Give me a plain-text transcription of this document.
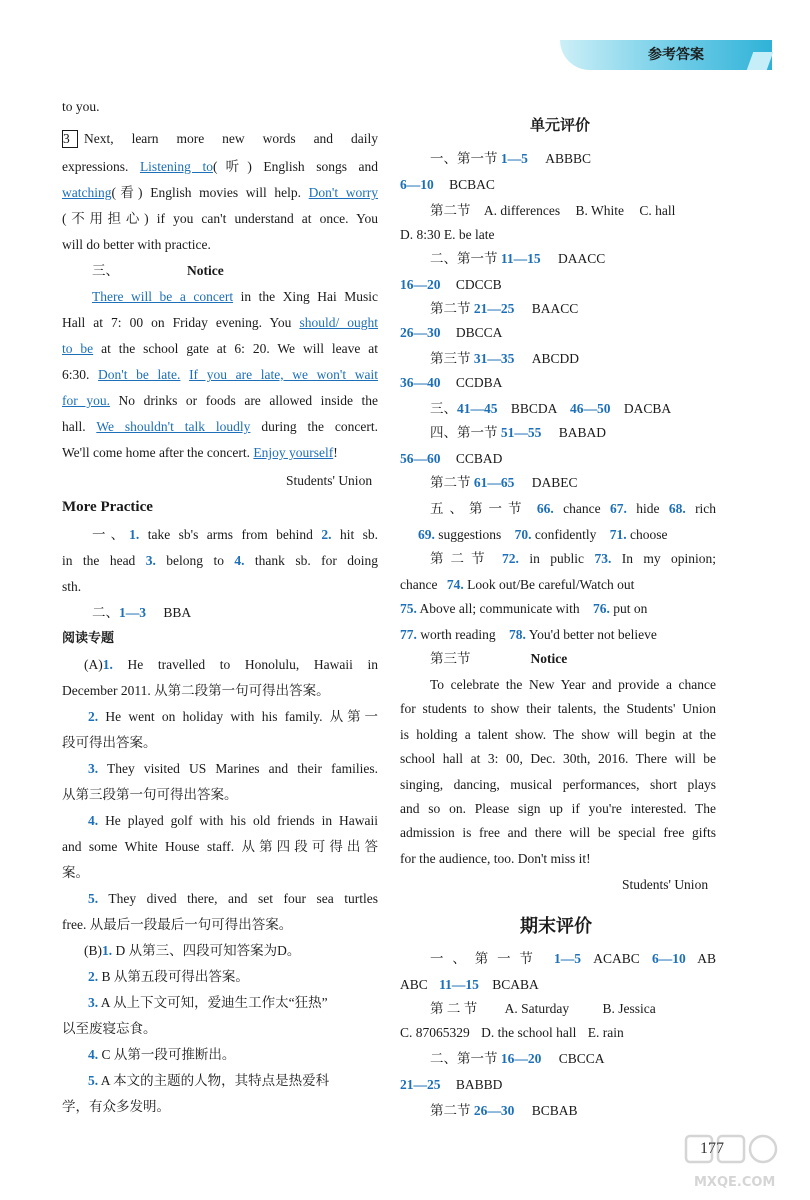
参考答案
to you.
3 Next, learn more new words and daily
expressions. Listening to(听) English songs and
watching(看) English movies will help. Don't worry
(不用担心) if you can't understand at once. You
will do better with practice.
三、	Notice
There will be a concert in the Xing Hai Music
Hall at 7: 00 on Friday evening. You should/ ought
to be at the school gate at 6: 20. We will leave at
6:30. Don't be late. If you are late, we won't wait
for you. No drinks or foods are allowed inside the
hall. We shouldn't talk loudly during the concert.
We'll come home after the concert. Enjoy yourself!
Students' Union
More Practice
一、1. take sb's arms from behind 2. hit sb.
in the head 3. belong to 4. thank sb. for doing
sth.
二、1—3 BBA
阅读专题
(A)1. He travelled to Honolulu, Hawaii in
December 2011. 从第二段第一句可得出答案。
2. He went on holiday with his family. 从第一
段可得出答案。
3. They visited US Marines and their families.
从第三段第一句可得出答案。
4. He played golf with his old friends in Hawaii
and some White House staff. 从第四段可得出答
案。
5. They dived there, and set four sea turtles
free. 从最后一段最后一句可得出答案。
(B)1. D 从第三、四段可知答案为D。
2. B 从第五段可得出答案。
3. A 从上下文可知，爱迪生工作太“狂热”
以至废寝忘食。
4. C 从第一段可推断出。
5. A 本文的主题的人物，其特点是热爱科
学，有众多发明。
单元评价
一、第一节 1—5 ABBBC
6—10 BCBAC
第二节 A. differences B. White C. hall
D. 8:30 E. be late
二、第一节 11—15 DAACC
16—20 CDCCB
第二节 21—25 BAACC
26—30 DBCCA
第三节 31—35 ABCDD
36—40 CCDBA
三、41—45 BBCDA 46—50 DACBA
四、第一节 51—55 BABAD
56—60 CCBAD
第二节 61—65 DABEC
五、第一节 66. chance 67. hide 68. rich
69. suggestions 70. confidently 71. choose
第二节 72. in public 73. In my opinion;
chance 74. Look out/Be careful/Watch out
75. Above all; communicate with 76. put on
77. worth reading 78. You'd better not believe
第三节	Notice
To celebrate the New Year and provide a chance
for students to show their talents, the Students' Union
is holding a talent show. The show will begin at the
school hall at 3: 00, Dec. 30th, 2016. There will be
singing, dancing, musical performances, short plays
and so on. Please sign up if you're interested. The
admission is free and there will be special free gifts
for the audience, too. Don't miss it!
Students' Union
期末评价
一、第一节 1—5 ACABC 6—10 AB
ABC 11—15 BCABA
第 二 节 A. Saturday B. Jessica
C. 87065329 D. the school hall E. rain
二、第一节 16—20 CBCCA
21—25 BABBD
第二节 26—30 BCBAB
177
MXQE.COM
